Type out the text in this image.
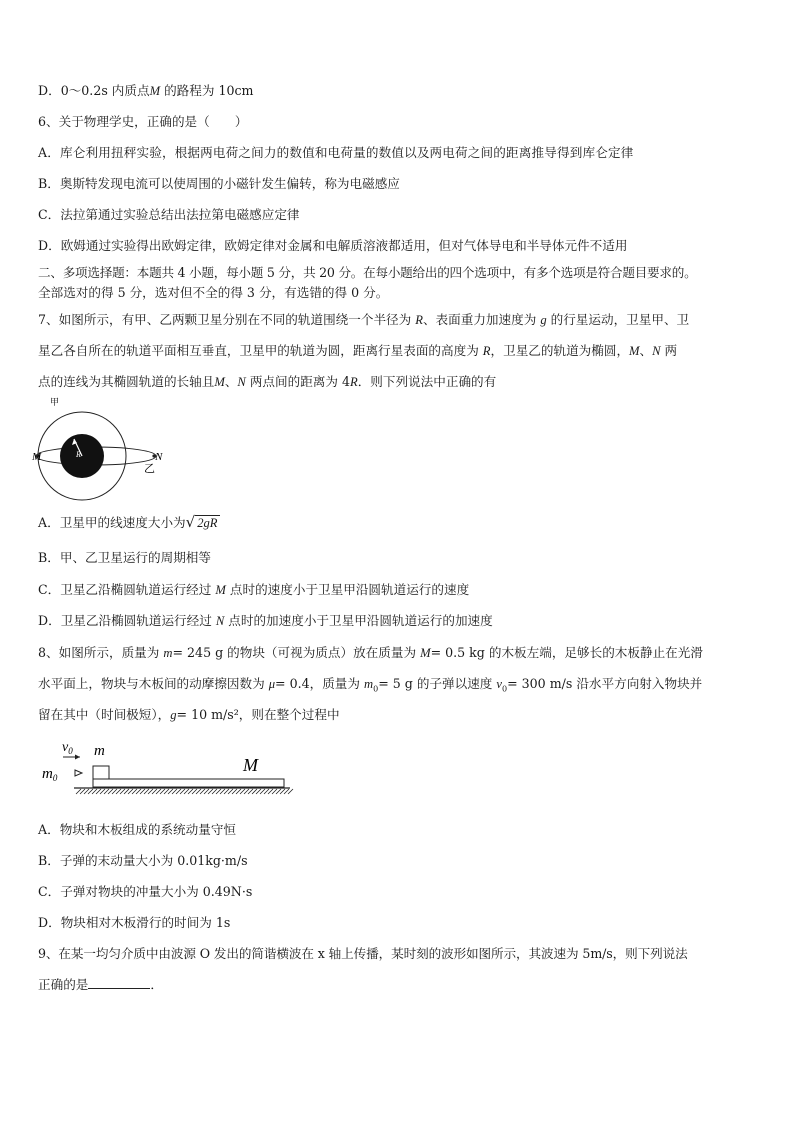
D．0～0.2s 内质点M 的路程为 10cm
6、关于物理学史，正确的是（　　）
A．库仑利用扭秤实验，根据两电荷之间力的数值和电荷量的数值以及两电荷之间的距离推导得到库仑定律
B．奥斯特发现电流可以使周围的小磁针发生偏转，称为电磁感应
C．法拉第通过实验总结出法拉第电磁感应定律
D．欧姆通过实验得出欧姆定律，欧姆定律对金属和电解质溶液都适用，但对气体导电和半导体元件不适用
二、多项选择题：本题共 4 小题，每小题 5 分，共 20 分。在每小题给出的四个选项中，有多个选项是符合题目要求的。
全部选对的得 5 分，选对但不全的得 3 分，有选错的得 0 分。
7、如图所示，有甲、乙两颗卫星分别在不同的轨道围绕一个半径为 R、表面重力加速度为 g 的行星运动，卫星甲、卫
星乙各自所在的轨道平面相互垂直，卫星甲的轨道为圆，距离行星表面的高度为 R，卫星乙的轨道为椭圆，M、N 两
点的连线为其椭圆轨道的长轴且M、N 两点间的距离为 4R．则下列说法中正确的有
R
M	N
甲
乙
A．卫星甲的线速度大小为√ 2gR
B．甲、乙卫星运行的周期相等
C．卫星乙沿椭圆轨道运行经过 M 点时的速度小于卫星甲沿圆轨道运行的速度
D．卫星乙沿椭圆轨道运行经过 N 点时的加速度小于卫星甲沿圆轨道运行的加速度
8、如图所示，质量为 m= 245 g 的物块（可视为质点）放在质量为 M= 0.5 kg 的木板左端，足够长的木板静止在光滑
水平面上，物块与木板间的动摩擦因数为 μ= 0.4，质量为 $m_0= 5$ g 的子弹以速度 $v_0= 300$ m/s 沿水平方向射入物块并
留在其中（时间极短），g= 10 m/s²，则在整个过程中
$v_0$
$m_0$
m
M
A．物块和木板组成的系统动量守恒
B．子弹的末动量大小为 0.01kg·m/s
C．子弹对物块的冲量大小为 0.49N·s
D．物块相对木板滑行的时间为 1s
9、在某一均匀介质中由波源 O 发出的简谐横波在 x 轴上传播，某时刻的波形如图所示，其波速为 5m/s，则下列说法
正确的是	．
